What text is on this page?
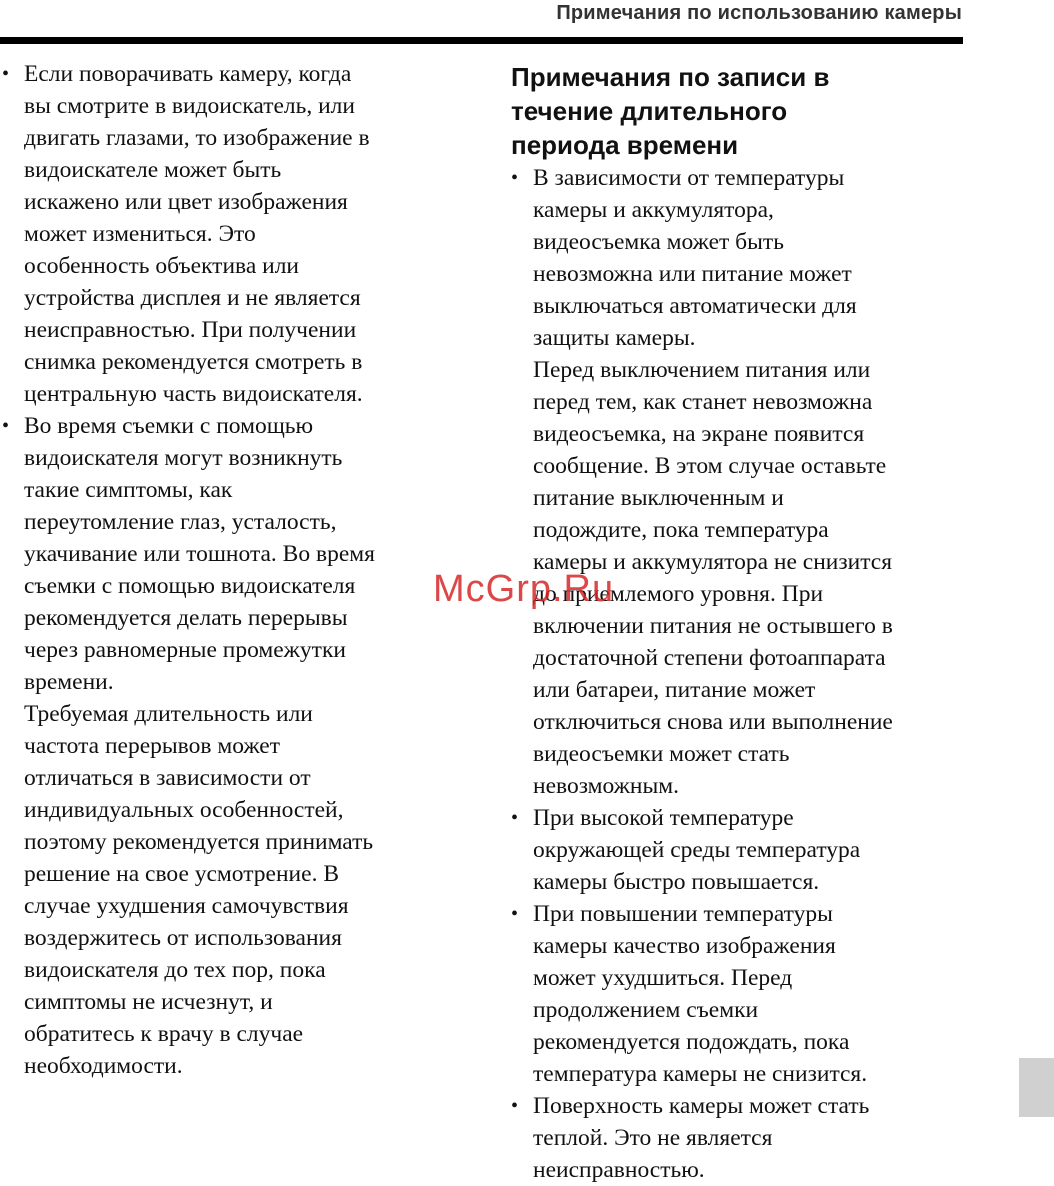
Примечания по использованию камеры
• Если поворачивать камеру, когда
вы смотрите в видоискатель, или
двигать глазами, то изображение в
видоискателе может быть
искажено или цвет изображения
может измениться. Это
особенность объектива или
устройства дисплея и не является
неисправностью. При получении
снимка рекомендуется смотреть в
центральную часть видоискателя.
• Во время съемки с помощью
видоискателя могут возникнуть
такие симптомы, как
переутомление глаз, усталость,
укачивание или тошнота. Во время
съемки с помощью видоискателя
рекомендуется делать перерывы
через равномерные промежутки
времени.
Требуемая длительность или
частота перерывов может
отличаться в зависимости от
индивидуальных особенностей,
поэтому рекомендуется принимать
решение на свое усмотрение. В
случае ухудшения самочувствия
воздержитесь от использования
видоискателя до тех пор, пока
симптомы не исчезнут, и
обратитесь к врачу в случае
необходимости.
Примечания по записи в
течение длительного
периода времени
• В зависимости от температуры
камеры и аккумулятора,
видеосъемка может быть
невозможна или питание может
выключаться автоматически для
защиты камеры.
Перед выключением питания или
перед тем, как станет невозможна
видеосъемка, на экране появится
сообщение. В этом случае оставьте
питание выключенным и
подождите, пока температура
камеры и аккумулятора не снизится
до приемлемого уровня. При
включении питания не остывшего в
достаточной степени фотоаппарата
или батареи, питание может
отключиться снова или выполнение
видеосъемки может стать
невозможным.
• При высокой температуре
окружающей среды температура
камеры быстро повышается.
• При повышении температуры
камеры качество изображения
может ухудшиться. Перед
продолжением съемки
рекомендуется подождать, пока
температура камеры не снизится.
• Поверхность камеры может стать
теплой. Это не является
неисправностью.
McGrp.Ru
